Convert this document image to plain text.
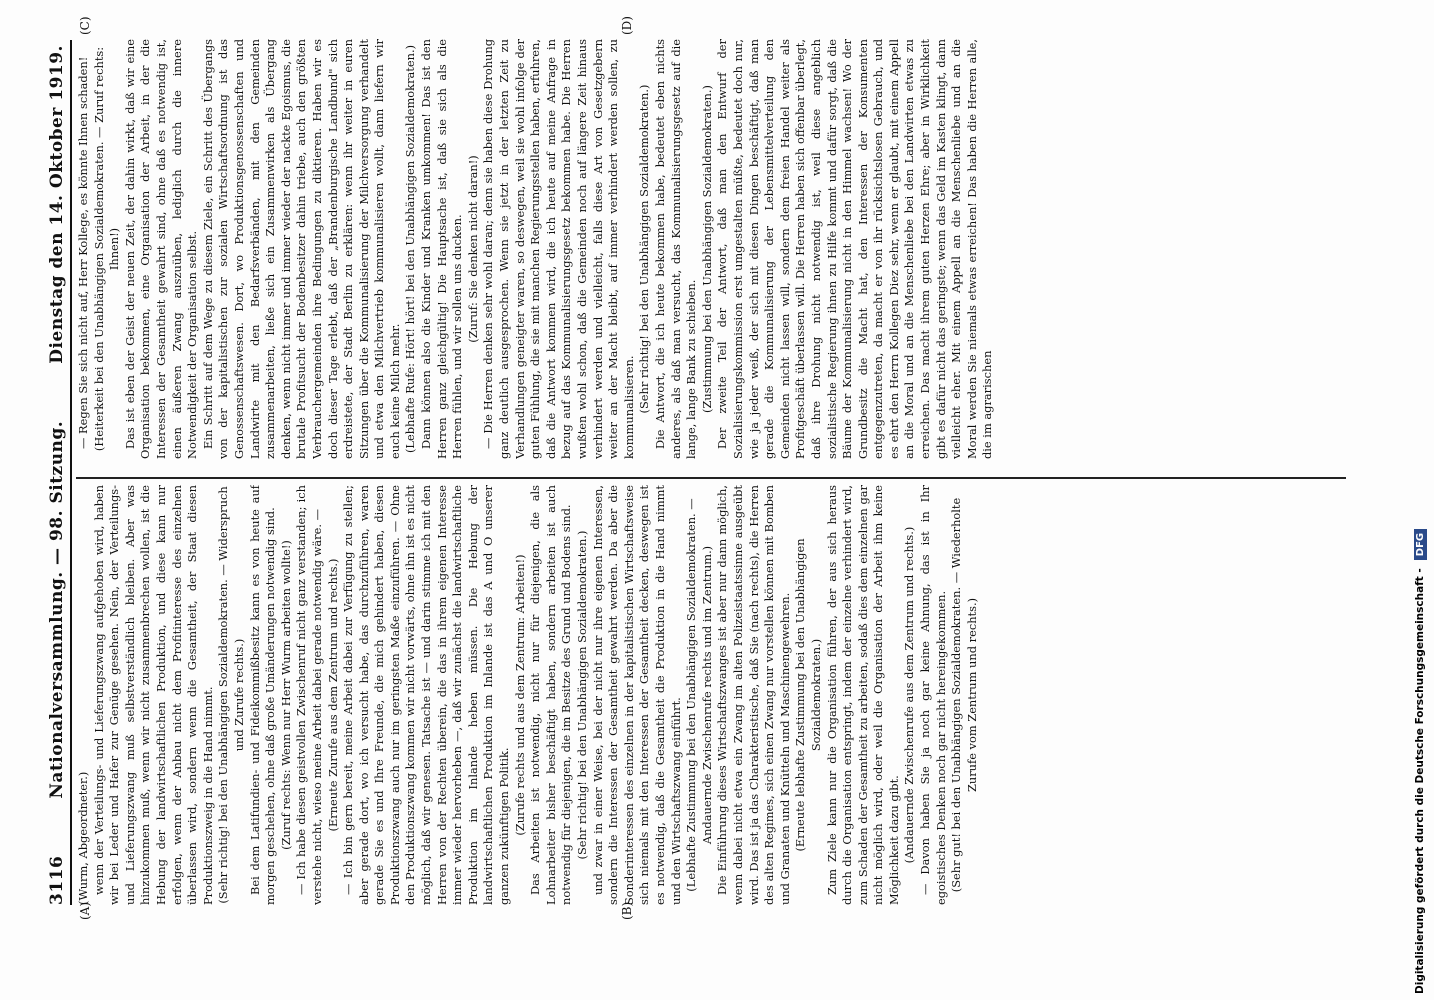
3116
Nationalversammlung. — 98. Sitzung.
Dienstag den 14. Oktober 1919.
(A)	(B)
(C)	(D)

(Wurm, Abgeordneter.) wenn der Verteilungs- und Lieferungszwang aufgehoben wird, haben wir bei Leder und Hafer zur Genüge gesehen. Nein, der Verteilungs- und Lieferungszwang muß selbstverständlich bleiben. Aber was hinzukommen muß, wenn wir nicht zusammenbrechen wollen, ist die Hebung der landwirtschaftlichen Produktion, und diese kann nur erfolgen, wenn der Anbau nicht dem Profitinteresse des einzelnen überlassen wird, sondern wenn die Gesamtheit, der Staat diesen Produktionszweig in die Hand nimmt. (Sehr richtig! bei den Unabhängigen Sozialdemokraten. — Widerspruch und Zurufe rechts.) Bei dem Latifundien- und Fideikommißbesitz kann es von heute auf morgen geschehen, ohne daß große Umänderungen notwendig sind. (Zuruf rechts: Wenn nur Herr Wurm arbeiten wollte!) — Ich habe diesen geistvollen Zwischenruf nicht ganz verstanden; ich verstehe nicht, wieso meine Arbeit dabei gerade notwendig wäre. — (Erneute Zurufe aus dem Zentrum und rechts.) — Ich bin gern bereit, meine Arbeit dabei zur Verfügung zu stellen; aber gerade dort, wo ich versucht habe, das durchzuführen, waren gerade Sie es und Ihre Freunde, die mich gehindert haben, diesen Produktionszwang auch nur im geringsten Maße einzuführen. — Ohne den Produktionszwang kommen wir nicht vorwärts, ohne ihn ist es nicht möglich, daß wir genesen. Tatsache ist — und darin stimme ich mit den Herren von der Rechten überein, die das in ihrem eigenen Interesse immer wieder hervorheben —, daß wir zunächst die landwirtschaftliche Produktion im Inlande heben müssen. Die Hebung der landwirtschaftlichen Produktion im Inlande ist das A und O unserer ganzen zukünftigen Politik. (Zurufe rechts und aus dem Zentrum: Arbeiten!) Das Arbeiten ist notwendig, nicht nur für diejenigen, die als Lohnarbeiter bisher beschäftigt haben, sondern arbeiten ist auch notwendig für diejenigen, die im Besitze des Grund und Bodens sind. (Sehr richtig! bei den Unabhängigen Sozialdemokraten.) und zwar in einer Weise, bei der nicht nur ihre eigenen Interessen, sondern die Interessen der Gesamtheit gewahrt werden. Da aber die Sonderinteressen des einzelnen in der kapitalistischen Wirtschaftsweise sich niemals mit den Interessen der Gesamtheit decken, deswegen ist es notwendig, daß die Gesamtheit die Produktion in die Hand nimmt und den Wirtschaftszwang einführt. (Lebhafte Zustimmung bei den Unabhängigen Sozialdemokraten. — Andauernde Zwischenrufe rechts und im Zentrum.) Die Einführung dieses Wirtschaftszwanges ist aber nur dann möglich, wenn dabei nicht etwa ein Zwang im alten Polizeistaatssinne ausgeübt wird. Das ist ja das Charakteristische, daß Sie (nach rechts), die Herren des alten Regimes, sich einen Zwang nur vorstellen können mit Bomben und Granaten und Knütteln und Maschinengewehren. (Erneute lebhafte Zustimmung bei den Unabhängigen Sozialdemokraten.) Zum Ziele kann nur die Organisation führen, der aus sich heraus durch die Organisation entspringt, indem der einzelne verhindert wird, zum Schaden der Gesamtheit zu arbeiten, sodaß dies dem einzelnen gar nicht möglich wird, oder weil die Organisation der Arbeit ihm keine Möglichkeit dazu gibt. (Andauernde Zwischenrufe aus dem Zentrum und rechts.) — Davon haben Sie ja noch gar keine Ahnung, das ist in Ihr egoistisches Denken noch gar nicht hereingekommen. (Sehr gut! bei den Unabhängigen Sozialdemokraten. — Wiederholte Zurufe vom Zentrum und rechts.)

— Regen Sie sich nicht auf, Herr Kollege, es könnte Ihnen schaden! (Heiterkeit bei den Unabhängigen Sozialdemokraten. — Zuruf rechts: Ihnen!) Das ist eben der Geist der neuen Zeit, der dahin wirkt, daß wir eine Organisation bekommen, eine Organisation der Arbeit, in der die Interessen der Gesamtheit gewahrt sind, ohne daß es notwendig ist, einen äußeren Zwang auszuüben, lediglich durch die innere Notwendigkeit der Organisation selbst. Ein Schritt auf dem Wege zu diesem Ziele, ein Schritt des Übergangs von der kapitalistischen zur sozialen Wirtschaftsordnung ist das Genossenschaftswesen. Dort, wo Produktionsgenossenschaften und Landwirte mit den Bedarfsverbänden, mit den Gemeinden zusammenarbeiten, ließe sich ein Zusammenwirken als Übergang denken, wenn nicht immer und immer wieder der nackte Egoismus, die brutale Profitsucht der Bodenbesitzer dahin triebe, auch den größten Verbrauchergemeinden ihre Bedingungen zu diktieren. Haben wir es doch dieser Tage erlebt, daß der „Brandenburgische Landbund" sich erdreistete, der Stadt Berlin zu erklären: wenn ihr weiter in euren Sitzungen über die Kommunalisierung der Milchversorgung verhandelt und etwa den Milchvertrieb kommunalisieren wollt, dann liefern wir euch keine Milch mehr. (Lebhafte Rufe: Hört! hört! bei den Unabhängigen Sozialdemokraten.) Dann können also die Kinder und Kranken umkommen! Das ist den Herren ganz gleichgültig! Die Hauptsache ist, daß sie sich als die Herren fühlen, und wir sollen uns ducken. (Zuruf: Sie denken nicht daran!) — Die Herren denken sehr wohl daran; denn sie haben diese Drohung ganz deutlich ausgesprochen. Wenn sie jetzt in der letzten Zeit zu Verhandlungen geneigter waren, so deswegen, weil sie wohl infolge der guten Fühlung, die sie mit manchen Regierungsstellen haben, erfuhren, daß die Antwort kommen wird, die ich heute auf meine Anfrage in bezug auf das Kommunalisierungsgesetz bekommen habe. Die Herren wußten wohl schon, daß die Gemeinden noch auf längere Zeit hinaus verhindert werden und vielleicht, falls diese Art von Gesetzgebern weiter an der Macht bleibt, auf immer verhindert werden sollen, zu kommunalisieren. (Sehr richtig! bei den Unabhängigen Sozialdemokraten.) Die Antwort, die ich heute bekommen habe, bedeutet eben nichts anderes, als daß man versucht, das Kommunalisierungsgesetz auf die lange, lange Bank zu schieben. (Zustimmung bei den Unabhängigen Sozialdemokraten.) Der zweite Teil der Antwort, daß man den Entwurf der Sozialisierungskommission erst umgestalten müßte, bedeutet doch nur, wie ja jeder weiß, der sich mit diesen Dingen beschäftigt, daß man gerade die Kommunalisierung der Lebensmittelverteilung den Gemeinden nicht lassen will, sondern dem freien Handel weiter als Profitgeschäft überlassen will. Die Herren haben sich offenbar überlegt, daß ihre Drohung nicht notwendig ist, weil diese angeblich sozialistische Regierung ihnen zu Hilfe kommt und dafür sorgt, daß die Bäume der Kommunalisierung nicht in den Himmel wachsen! Wo der Grundbesitz die Macht hat, den Interessen der Konsumenten entgegenzutreten, da macht er von ihr rücksichtslosen Gebrauch, und es ehrt den Herrn Kollegen Diez sehr, wenn er glaubt, mit einem Appell an die Moral und an die Menschenliebe bei den Landwirten etwas zu erreichen. Das macht ihrem guten Herzen Ehre; aber in Wirklichkeit gibt es dafür nicht das geringste; wenn das Geld im Kasten klingt, dann vielleicht eher. Mit einem Appell an die Menschenliebe und an die Moral werden Sie niemals etwas erreichen! Das haben die Herren alle, die im agrarischen

Digitalisierung gefördert durch die Deutsche Forschungsgemeinschaft -
DFG
